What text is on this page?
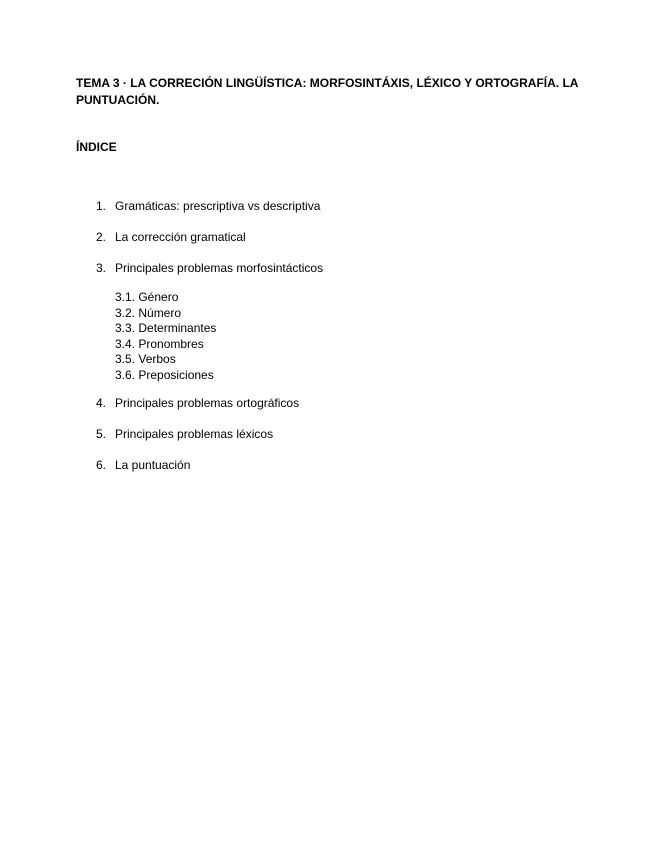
TEMA 3 · LA CORRECIÓN LINGÜÍSTICA: MORFOSINTÁXIS, LÉXICO Y ORTOGRAFÍA. LA PUNTUACIÓN.
ÍNDICE
1. Gramáticas: prescriptiva vs descriptiva
2. La corrección gramatical
3. Principales problemas morfosintácticos
3.1. Género
3.2. Número
3.3. Determinantes
3.4. Pronombres
3.5. Verbos
3.6. Preposiciones
4. Principales problemas ortográficos
5. Principales problemas léxicos
6. La puntuación
